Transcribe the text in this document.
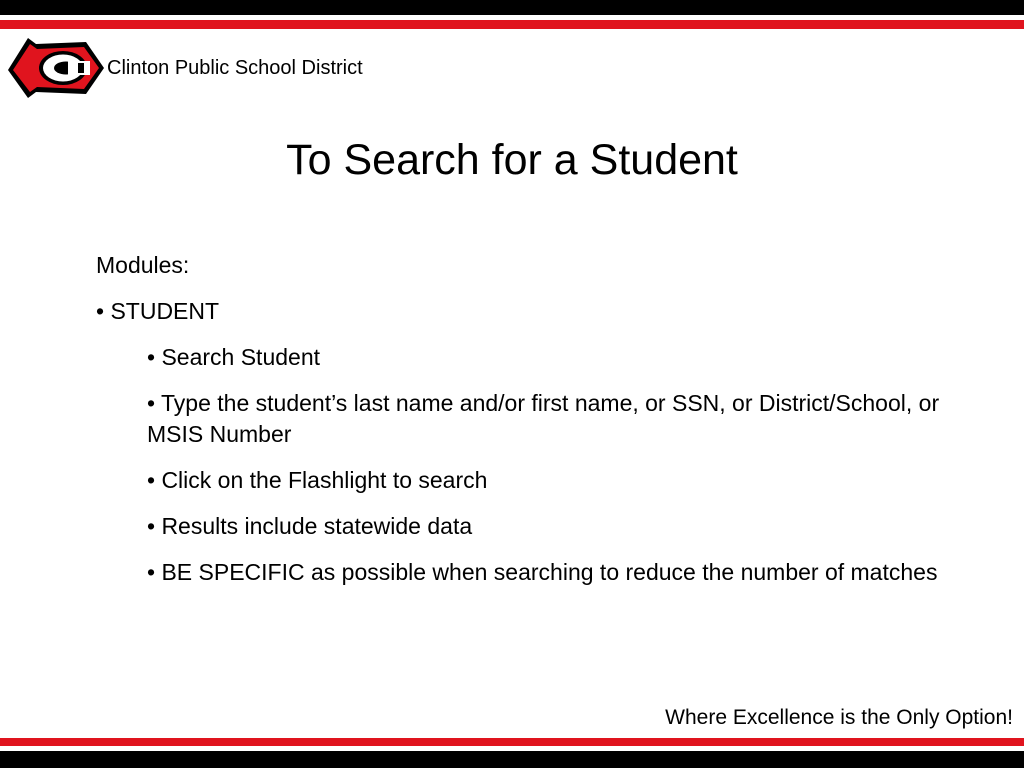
Clinton Public School District
To Search for a Student
Modules:
• STUDENT
• Search Student
• Type the student’s last name and/or first name, or SSN, or District/School, or MSIS Number
• Click on the Flashlight to search
• Results include statewide data
• BE SPECIFIC as possible when searching to reduce the number of matches
Where Excellence is the Only Option!
